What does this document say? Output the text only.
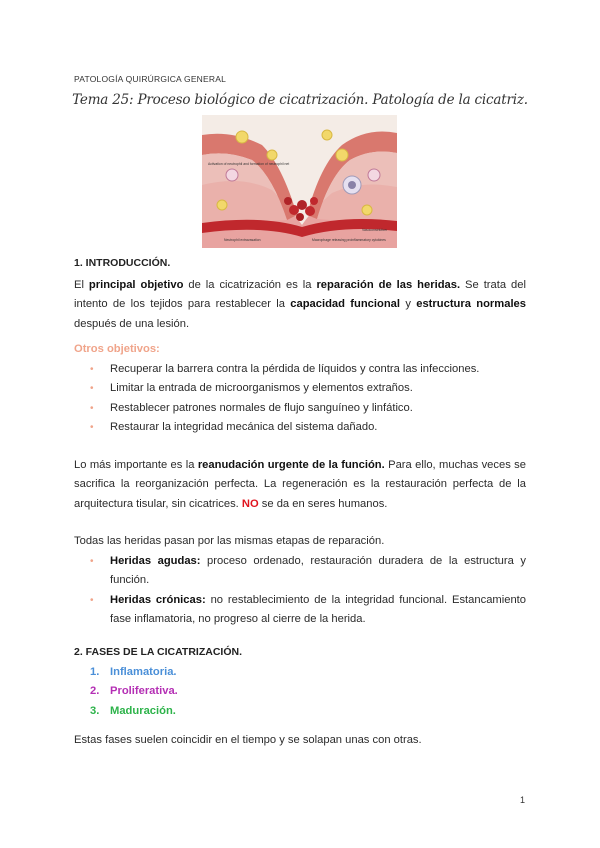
PATOLOGÍA QUIRÚRGICA GENERAL
Tema 25: Proceso biológico de cicatrización. Patología de la cicatriz.
Activation of neutrophil and formation of neutrophil net
Neutrophil extravasation	Macrophage releasing proinflammatory cytokines
Vasoconstriction
1. INTRODUCCIÓN.
El principal objetivo de la cicatrización es la reparación de las heridas. Se trata del intento de los tejidos para restablecer la capacidad funcional y estructura normales después de una lesión.
Otros objetivos:
• Recuperar la barrera contra la pérdida de líquidos y contra las infecciones.
• Limitar la entrada de microorganismos y elementos extraños.
• Restablecer patrones normales de flujo sanguíneo y linfático.
• Restaurar la integridad mecánica del sistema dañado.
Lo más importante es la reanudación urgente de la función. Para ello, muchas veces se sacrifica la reorganización perfecta. La regeneración es la restauración perfecta de la arquitectura tisular, sin cicatrices. NO se da en seres humanos.
Todas las heridas pasan por las mismas etapas de reparación.
• Heridas agudas: proceso ordenado, restauración duradera de la estructura y función.
• Heridas crónicas: no restablecimiento de la integridad funcional. Estancamiento fase inflamatoria, no progreso al cierre de la herida.
2. FASES DE LA CICATRIZACIÓN.
1. Inflamatoria.
2. Proliferativa.
3. Maduración.
Estas fases suelen coincidir en el tiempo y se solapan unas con otras.
1
